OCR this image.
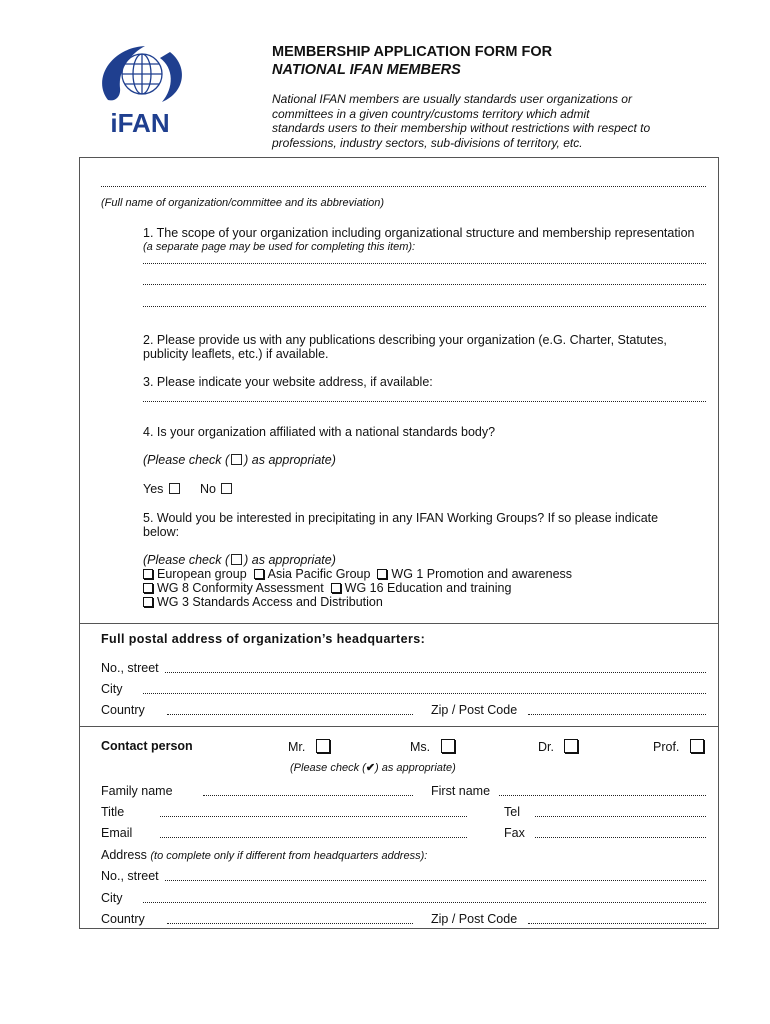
iFAN
MEMBERSHIP APPLICATION FORM FOR
NATIONAL IFAN MEMBERS
National IFAN members are usually standards user organizations or
committees in a given country/customs territory which admit
standards users to their membership without restrictions with respect to
professions, industry sectors, sub-divisions of territory, etc.
(Full name of organization/committee and its abbreviation)
1. The scope of your organization including organizational structure and membership representation
(a separate page may be used for completing this item):
2. Please provide us with any publications describing your organization (e.G. Charter, Statutes,
publicity leaflets, etc.) if available.
3. Please indicate your website address, if available:
4. Is your organization affiliated with a national standards body?
(Please check ( ) as appropriate)
Yes	No
5. Would you be interested in precipitating in any IFAN Working Groups? If so please indicate
below:
(Please check ( ) as appropriate)
European group Asia Pacific Group WG 1 Promotion and awareness
WG 8 Conformity Assessment WG 16 Education and training
WG 3 Standards Access and Distribution
Full postal address of organization’s headquarters:
No., street
City
Country	Zip / Post Code
Contact person	Mr.	Ms.	Dr.	Prof.
(Please check (✔) as appropriate)
Family name	First name
Title	Tel
Email	Fax
Address (to complete only if different from headquarters address):
No., street
City
Country	Zip / Post Code
